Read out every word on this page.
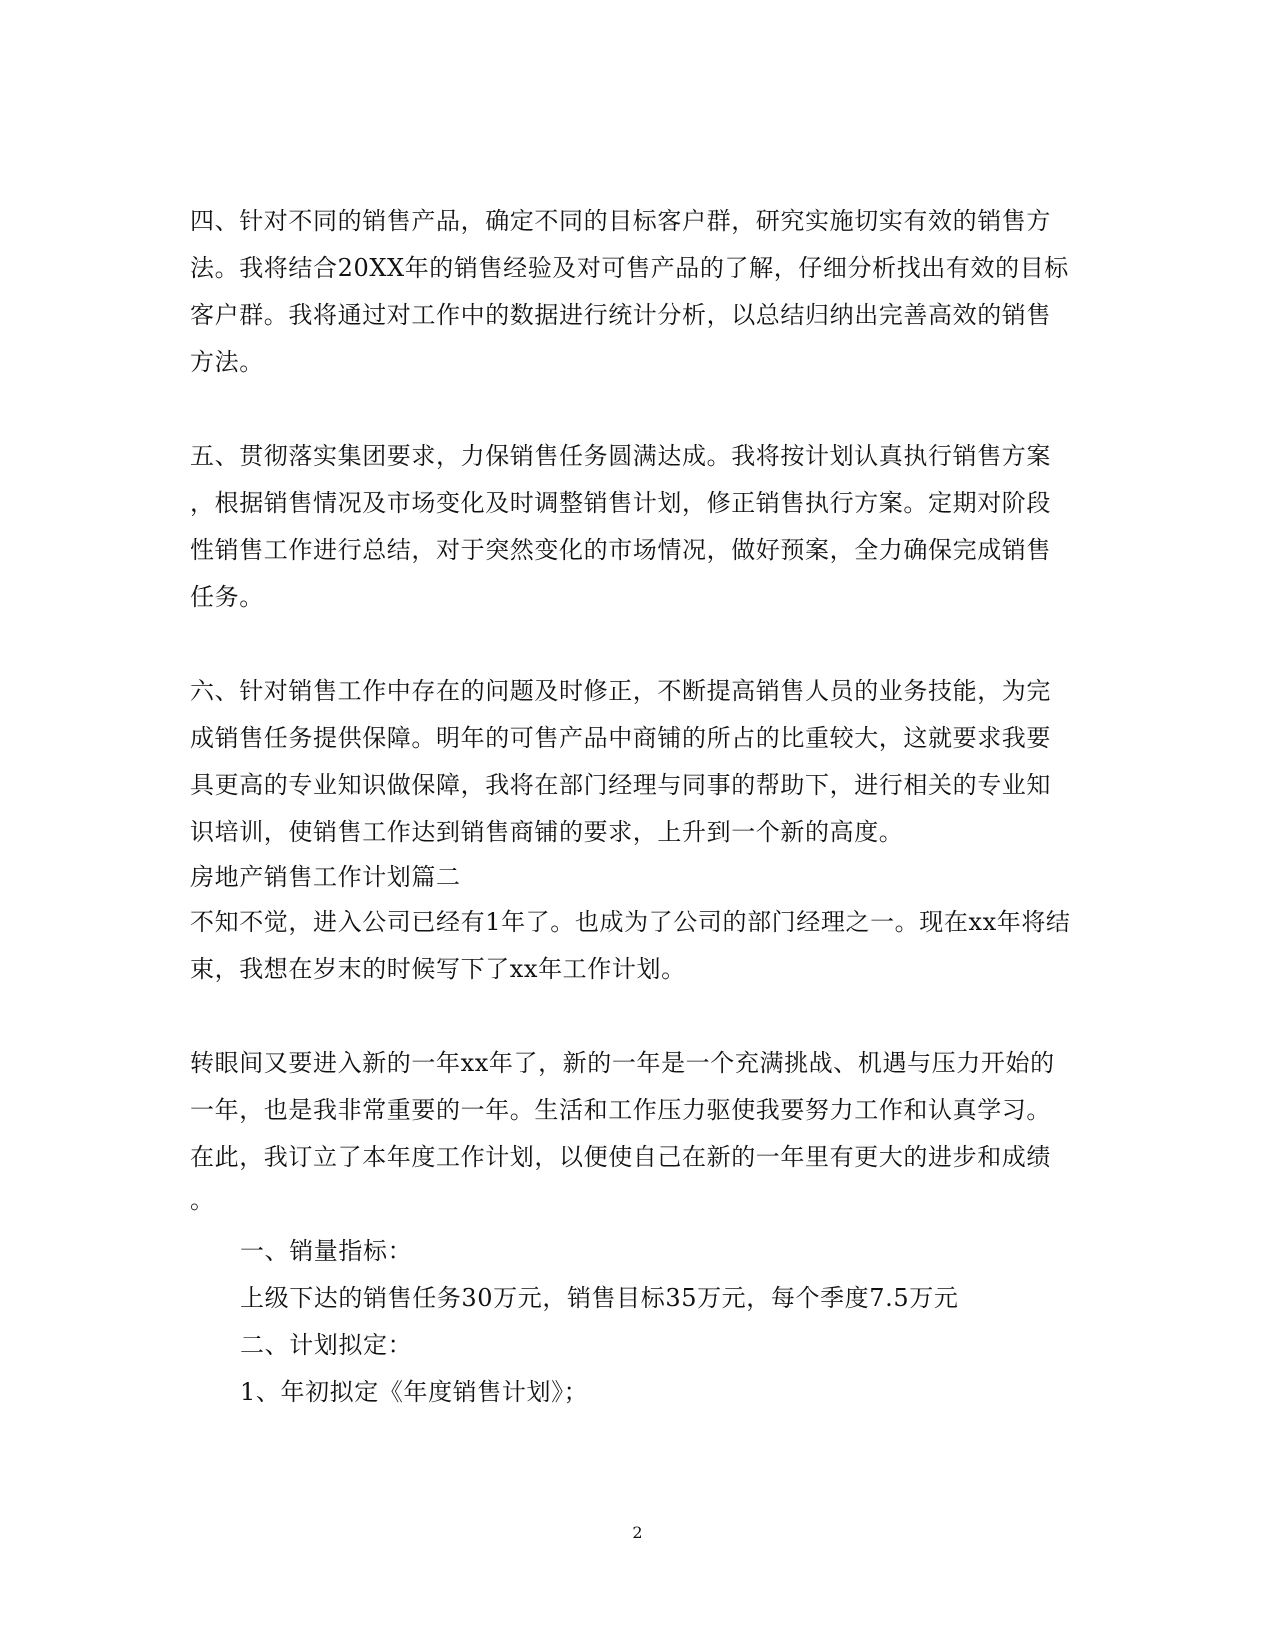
四、针对不同的销售产品，确定不同的目标客户群，研究实施切实有效的销售方
法。我将结合20XX年的销售经验及对可售产品的了解，仔细分析找出有效的目标
客户群。我将通过对工作中的数据进行统计分析，以总结归纳出完善高效的销售
方法。
五、贯彻落实集团要求，力保销售任务圆满达成。我将按计划认真执行销售方案
，根据销售情况及市场变化及时调整销售计划，修正销售执行方案。定期对阶段
性销售工作进行总结，对于突然变化的市场情况，做好预案，全力确保完成销售
任务。
六、针对销售工作中存在的问题及时修正，不断提高销售人员的业务技能，为完
成销售任务提供保障。明年的可售产品中商铺的所占的比重较大，这就要求我要
具更高的专业知识做保障，我将在部门经理与同事的帮助下，进行相关的专业知
识培训，使销售工作达到销售商铺的要求，上升到一个新的高度。
房地产销售工作计划篇二
不知不觉，进入公司已经有1年了。也成为了公司的部门经理之一。现在xx年将结
束，我想在岁末的时候写下了xx年工作计划。
转眼间又要进入新的一年xx年了，新的一年是一个充满挑战、机遇与压力开始的
一年，也是我非常重要的一年。生活和工作压力驱使我要努力工作和认真学习。
在此，我订立了本年度工作计划，以便使自己在新的一年里有更大的进步和成绩
。
一、销量指标：
上级下达的销售任务30万元，销售目标35万元，每个季度7.5万元
二、计划拟定：
1、年初拟定《年度销售计划》；
2
